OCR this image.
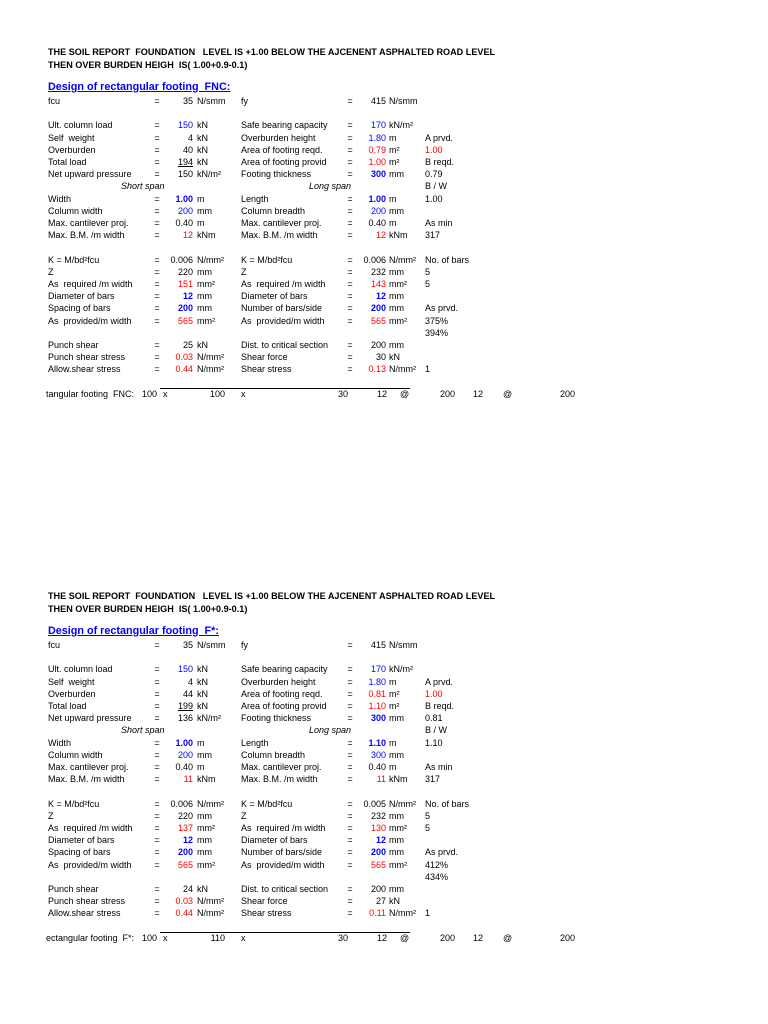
THE SOIL REPORT  FOUNDATION   LEVEL IS +1.00 BELOW THE AJCENENT ASPHALTED ROAD LEVEL
THEN OVER BURDEN HEIGH  IS( 1.00+0.9-0.1)
Design of rectangular footing  FNC:
fcu	=	35 N/smm fy	=	415 N/smm
Ult. column load	=	150 kN	Safe bearing capacity	=	170 kN/m²
Self  weight	=	4 kN	Overburden height	=	1.80 m	A prvd.
Overburden	=	40 kN	Area of footing reqd.	=	0.79 m²	1.00
Total load	=	194 kN	Area of footing provid	=	1.00 m²	B reqd.
Net upward pressure	=	150 kN/m² Footing thickness	=	300 mm 0.79
Short span	Long span	B / W
Width	=	1.00 m	Length	=	1.00 m	1.00
Column width	=	200 mm	Column breadth	=	200 mm
Max. cantilever proj.	=	0.40 m	Max. cantilever proj.	=	0.40 m	As min
Max. B.M. /m width	=	12 kNm	Max. B.M. /m width	=	12 kNm 317
K = M/bd²fcu	=	0.006 N/mm² K = M/bd²fcu	=	0.006 N/mm² No. of bars
Z	=	220 mm	Z	=	232 mm 5
As  required /m width	=	151 mm²	As  required /m width	=	143 mm² 5
Diameter of bars	=	12 mm	Diameter of bars	=	12 mm
Spacing of bars	=	200 mm	Number of bars/side	=	200 mm As prvd.
As  provided/m width	=	565 mm²	As  provided/m width	=	565 mm² 375%
394%
Punch shear	=	25 kN	Dist. to critical section	=	200 mm
Punch shear stress	=	0.03 N/mm² Shear force	=	30 kN
Allow.shear stress	=	0.44 N/mm² Shear stress	=	0.13 N/mm² 1
tangular footing  FNC: 100 x	100 x	30	12 @	200 12 @	200
THE SOIL REPORT  FOUNDATION   LEVEL IS +1.00 BELOW THE AJCENENT ASPHALTED ROAD LEVEL
THEN OVER BURDEN HEIGH  IS( 1.00+0.9-0.1)
Design of rectangular footing  F*:
fcu	=	35 N/smm fy	=	415 N/smm
Ult. column load	=	150 kN	Safe bearing capacity	=	170 kN/m²
Self  weight	=	4 kN	Overburden height	=	1.80 m	A prvd.
Overburden	=	44 kN	Area of footing reqd.	=	0.81 m²	1.00
Total load	=	199 kN	Area of footing provid	=	1.10 m²	B reqd.
Net upward pressure	=	136 kN/m² Footing thickness	=	300 mm 0.81
Short span	Long span	B / W
Width	=	1.00 m	Length	=	1.10 m	1.10
Column width	=	200 mm	Column breadth	=	300 mm
Max. cantilever proj.	=	0.40 m	Max. cantilever proj.	=	0.40 m	As min
Max. B.M. /m width	=	11 kNm	Max. B.M. /m width	=	11 kNm 317
K = M/bd²fcu	=	0.006 N/mm² K = M/bd²fcu	=	0.005 N/mm² No. of bars
Z	=	220 mm	Z	=	232 mm 5
As  required /m width	=	137 mm²	As  required /m width	=	130 mm² 5
Diameter of bars	=	12 mm	Diameter of bars	=	12 mm
Spacing of bars	=	200 mm	Number of bars/side	=	200 mm As prvd.
As  provided/m width	=	565 mm²	As  provided/m width	=	565 mm² 412%
434%
Punch shear	=	24 kN	Dist. to critical section	=	200 mm
Punch shear stress	=	0.03 N/mm² Shear force	=	27 kN
Allow.shear stress	=	0.44 N/mm² Shear stress	=	0.11 N/mm² 1
ectangular footing  F*: 100 x	110 x	30	12 @	200 12 @	200
